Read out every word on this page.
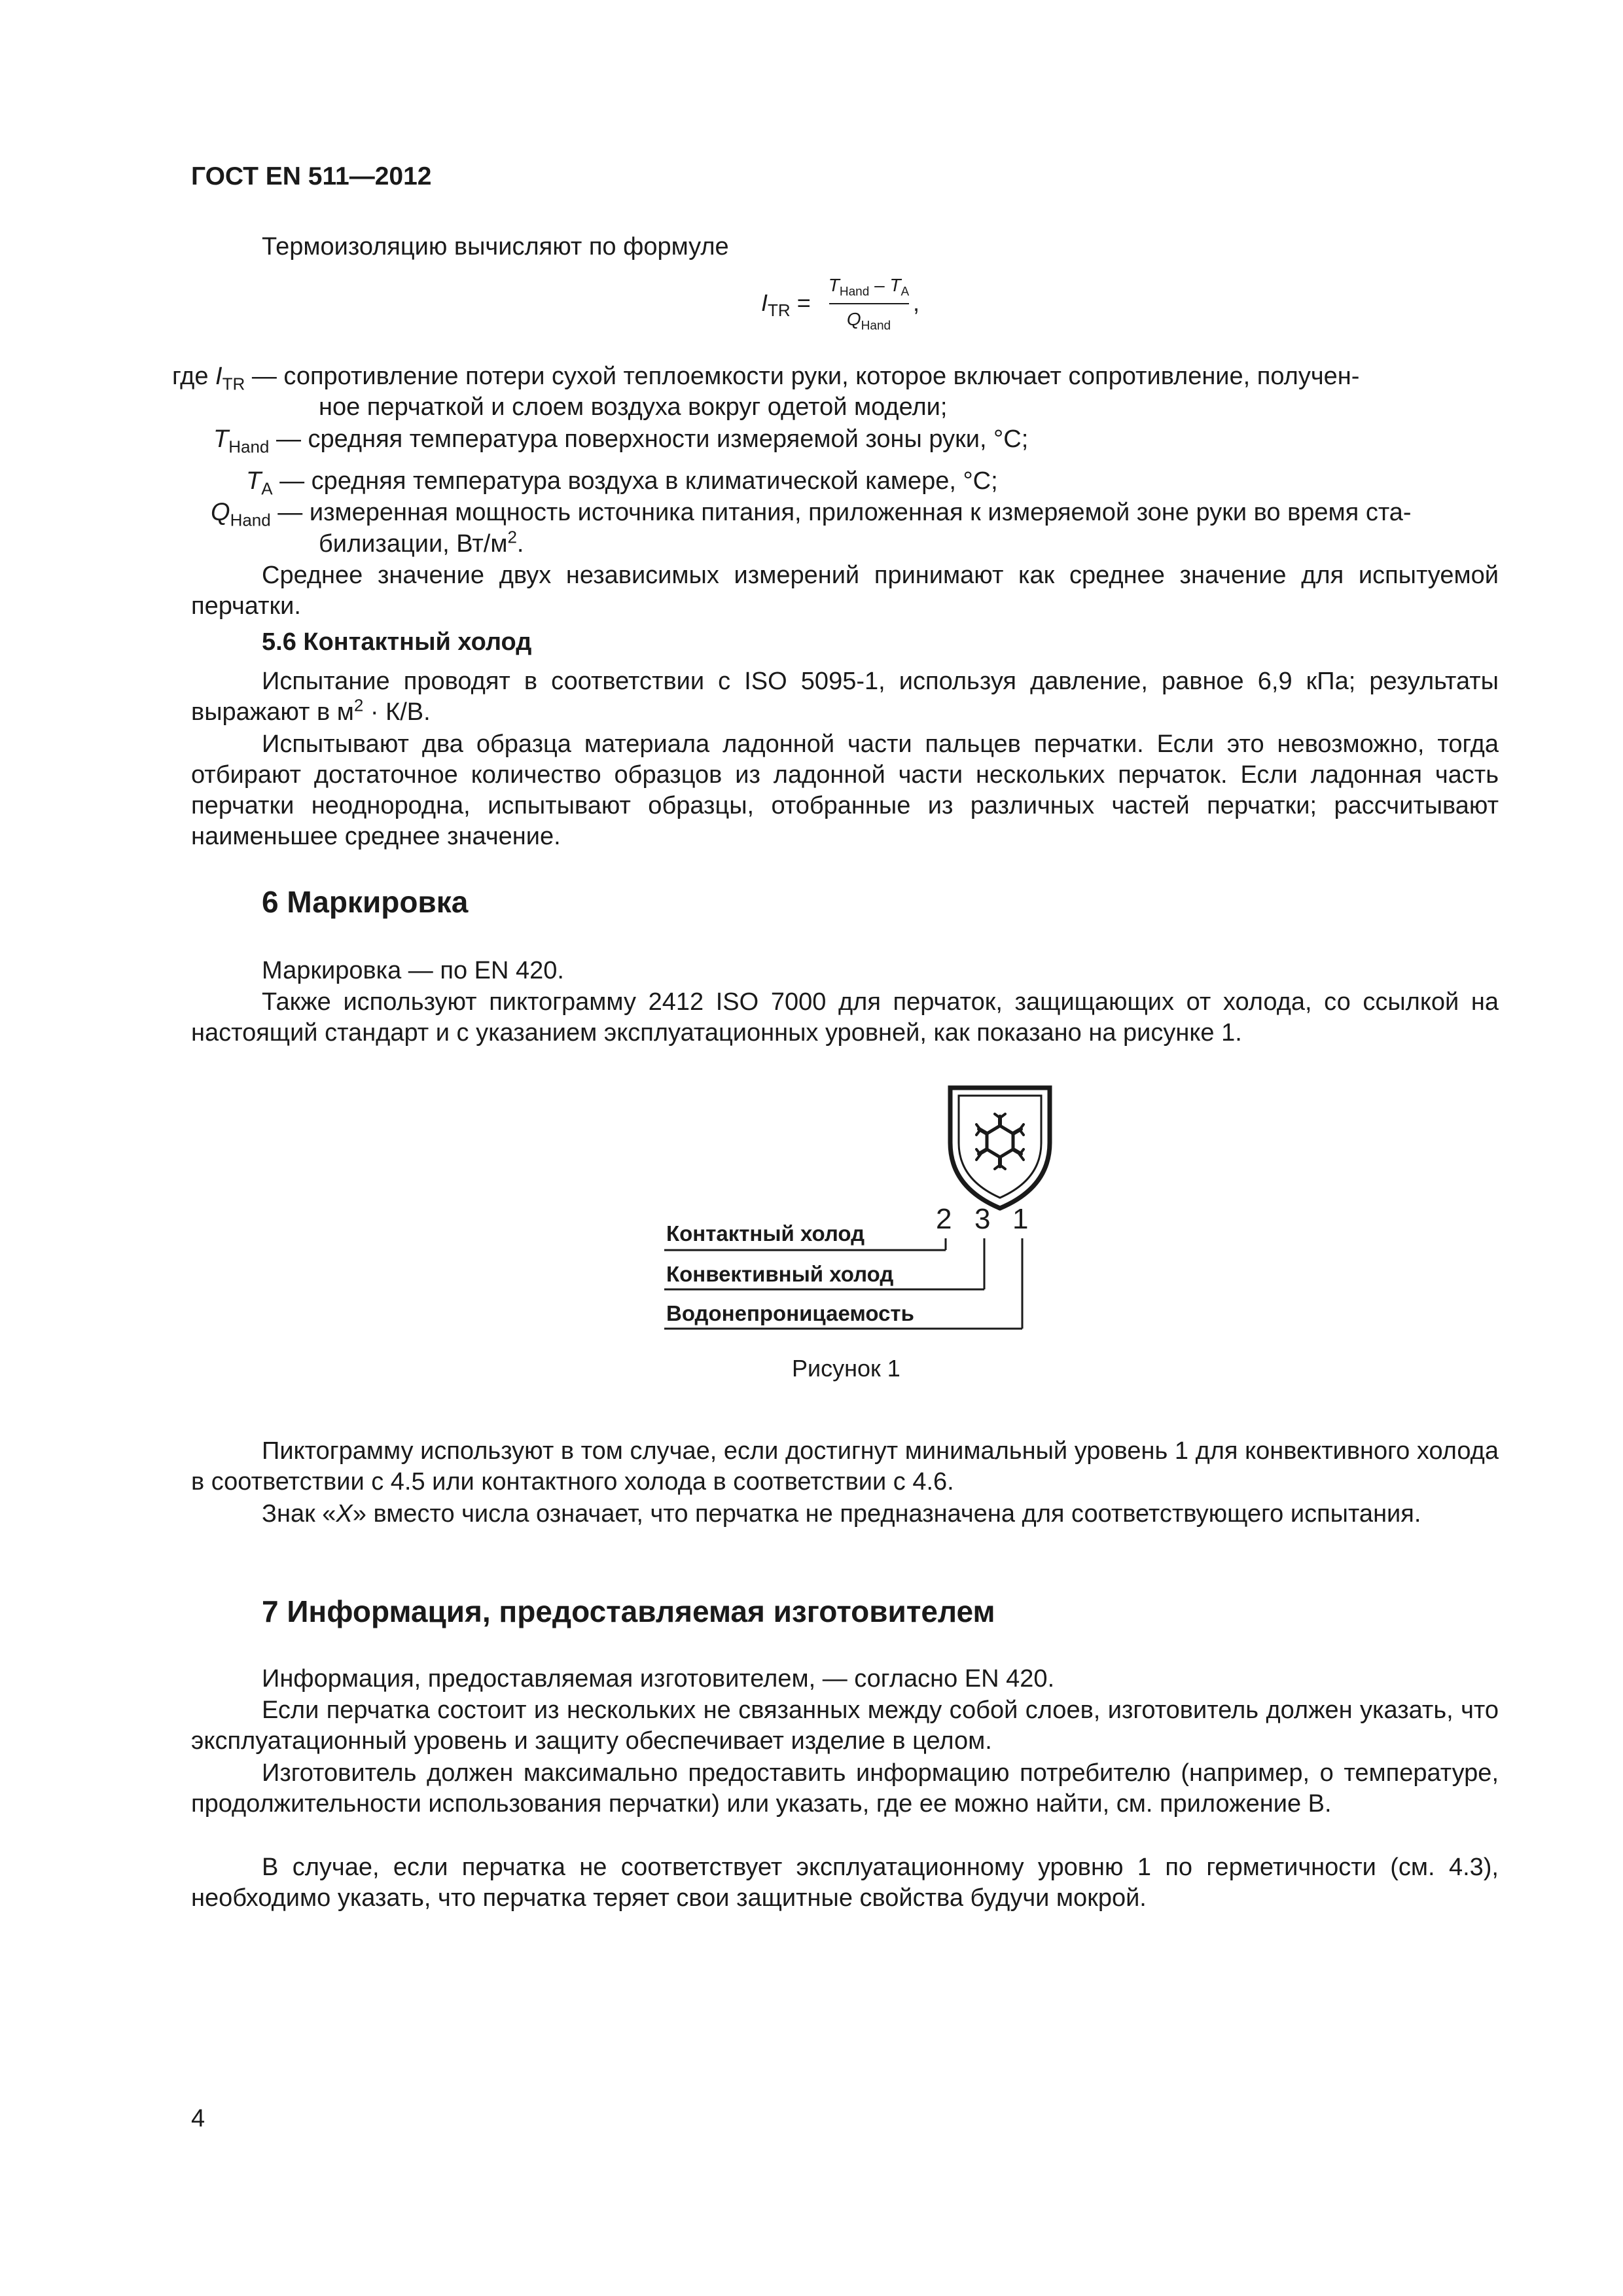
ГОСТ EN 511—2012
Термоизоляцию вычисляют по формуле
$I_{TR}$ =
$T_{Hand} - T_A$
$Q_{Hand}$
,
где $I_{TR}$ — сопротивление потери сухой теплоемкости руки, которое включает сопротивление, получен-
ное перчаткой и слоем воздуха вокруг одетой модели;
$T_{Hand}$ — средняя температура поверхности измеряемой зоны руки, °С;
$T_A$ — средняя температура воздуха в климатической камере, °С;
$Q_{Hand}$ — измеренная мощность источника питания, приложенная к измеряемой зоне руки во время ста-
билизации, $Вт/м^2$.
Среднее значение двух независимых измерений принимают как среднее значение для испытуемой перчатки.
5.6 Контактный холод
Испытание проводят в соответствии с ISO 5095-1, используя давление, равное 6,9 кПа; результаты выражают в $м^2 \cdot К/В$.
Испытывают два образца материала ладонной части пальцев перчатки. Если это невозможно, тогда отбирают достаточное количество образцов из ладонной части нескольких перчаток. Если ладонная часть перчатки неоднородна, испытывают образцы, отобранные из различных частей перчатки; рассчитывают наименьшее среднее значение.
6 Маркировка
Маркировка — по EN 420.
Также используют пиктограмму 2412 ISO 7000 для перчаток, защищающих от холода, со ссылкой на настоящий стандарт и с указанием эксплуатационных уровней, как показано на рисунке 1.
2 3 1
Контактный холод
Конвективный холод
Водонепроницаемость
Рисунок 1
Пиктограмму используют в том случае, если достигнут минимальный уровень 1 для конвективного холода в соответствии с 4.5 или контактного холода в соответствии с 4.6.
Знак «X» вместо числа означает, что перчатка не предназначена для соответствующего испытания.
7 Информация, предоставляемая изготовителем
Информация, предоставляемая изготовителем, — согласно EN 420.
Если перчатка состоит из нескольких не связанных между собой слоев, изготовитель должен указать, что эксплуатационный уровень и защиту обеспечивает изделие в целом.
Изготовитель должен максимально предоставить информацию потребителю (например, о температуре, продолжительности использования перчатки) или указать, где ее можно найти, см. приложение В.
В случае, если перчатка не соответствует эксплуатационному уровню 1 по герметичности (см. 4.3), необходимо указать, что перчатка теряет свои защитные свойства будучи мокрой.
4
